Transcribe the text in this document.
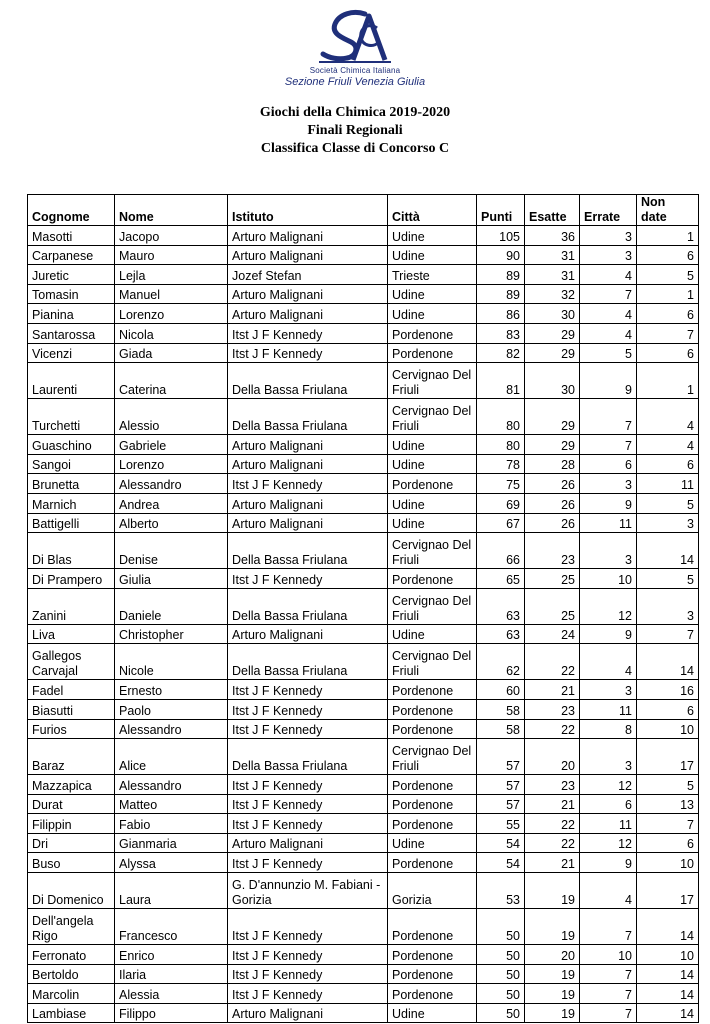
Società Chimica Italiana
Sezione Friuli Venezia Giulia
Giochi della Chimica 2019-2020
Finali Regionali
Classifica Classe di Concorso C
Cognome	Nome	Istituto	Città	Punti	Esatte	Errate	Non date
Masotti	Jacopo	Arturo Malignani	Udine	105	36	3	1
Carpanese	Mauro	Arturo Malignani	Udine	90	31	3	6
Juretic	Lejla	Jozef Stefan	Trieste	89	31	4	5
Tomasin	Manuel	Arturo Malignani	Udine	89	32	7	1
Pianina	Lorenzo	Arturo Malignani	Udine	86	30	4	6
Santarossa	Nicola	Itst J F Kennedy	Pordenone	83	29	4	7
Vicenzi	Giada	Itst J F Kennedy	Pordenone	82	29	5	6
Laurenti	Caterina	Della Bassa Friulana	Cervignao Del Friuli	81	30	9	1
Turchetti	Alessio	Della Bassa Friulana	Cervignao Del Friuli	80	29	7	4
Guaschino	Gabriele	Arturo Malignani	Udine	80	29	7	4
Sangoi	Lorenzo	Arturo Malignani	Udine	78	28	6	6
Brunetta	Alessandro	Itst J F Kennedy	Pordenone	75	26	3	11
Marnich	Andrea	Arturo Malignani	Udine	69	26	9	5
Battigelli	Alberto	Arturo Malignani	Udine	67	26	11	3
Di Blas	Denise	Della Bassa Friulana	Cervignao Del Friuli	66	23	3	14
Di Prampero	Giulia	Itst J F Kennedy	Pordenone	65	25	10	5
Zanini	Daniele	Della Bassa Friulana	Cervignao Del Friuli	63	25	12	3
Liva	Christopher	Arturo Malignani	Udine	63	24	9	7
Gallegos Carvajal	Nicole	Della Bassa Friulana	Cervignao Del Friuli	62	22	4	14
Fadel	Ernesto	Itst J F Kennedy	Pordenone	60	21	3	16
Biasutti	Paolo	Itst J F Kennedy	Pordenone	58	23	11	6
Furios	Alessandro	Itst J F Kennedy	Pordenone	58	22	8	10
Baraz	Alice	Della Bassa Friulana	Cervignao Del Friuli	57	20	3	17
Mazzapica	Alessandro	Itst J F Kennedy	Pordenone	57	23	12	5
Durat	Matteo	Itst J F Kennedy	Pordenone	57	21	6	13
Filippin	Fabio	Itst J F Kennedy	Pordenone	55	22	11	7
Dri	Gianmaria	Arturo Malignani	Udine	54	22	12	6
Buso	Alyssa	Itst J F Kennedy	Pordenone	54	21	9	10
Di Domenico	Laura	G. D'annunzio M. Fabiani - Gorizia	Gorizia	53	19	4	17
Dell'angela Rigo	Francesco	Itst J F Kennedy	Pordenone	50	19	7	14
Ferronato	Enrico	Itst J F Kennedy	Pordenone	50	20	10	10
Bertoldo	Ilaria	Itst J F Kennedy	Pordenone	50	19	7	14
Marcolin	Alessia	Itst J F Kennedy	Pordenone	50	19	7	14
Lambiase	Filippo	Arturo Malignani	Udine	50	19	7	14
